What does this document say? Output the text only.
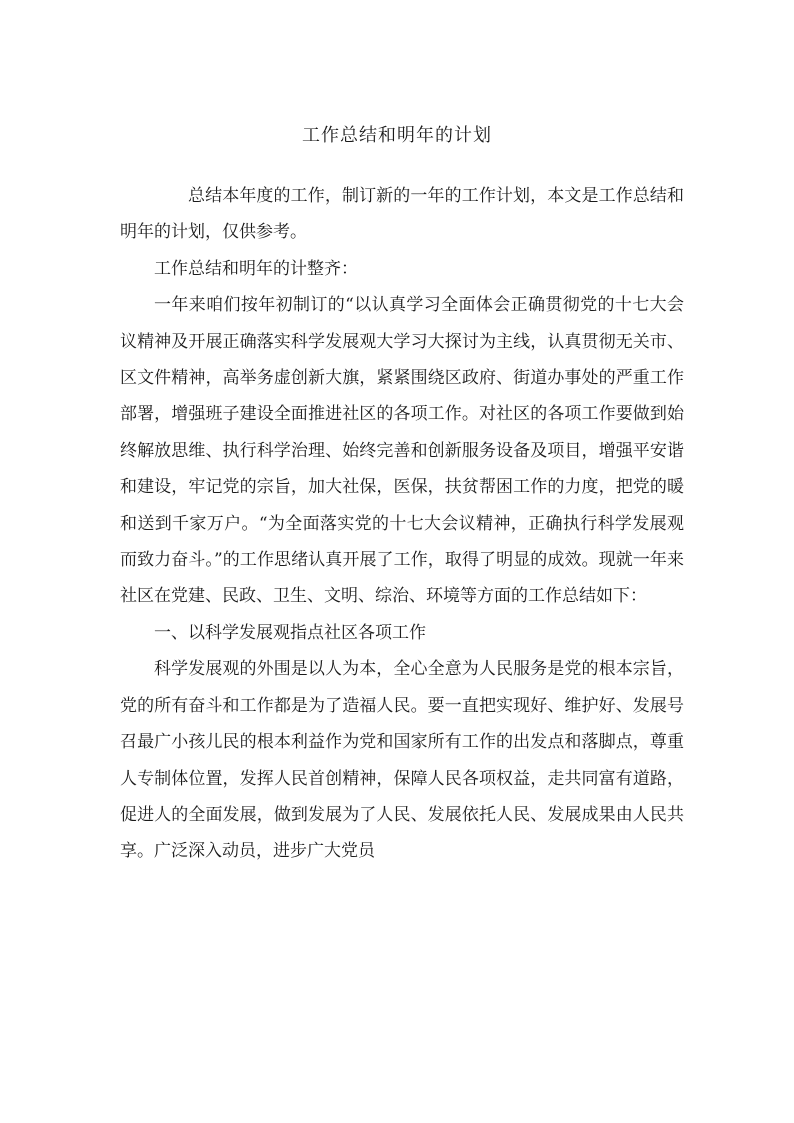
工作总结和明年的计划

总结本年度的工作，制订新的一年的工作计划，本文是工作总结和明年的计划，仅供参考。

工作总结和明年的计整齐：

一年来咱们按年初制订的“以认真学习全面体会正确贯彻党的十七大会议精神及开展正确落实科学发展观大学习大探讨为主线，认真贯彻无关市、区文件精神，高举务虚创新大旗，紧紧围绕区政府、街道办事处的严重工作部署，增强班子建设全面推进社区的各项工作。对社区的各项工作要做到始终解放思维、执行科学治理、始终完善和创新服务设备及项目，增强平安谐和建设，牢记党的宗旨，加大社保，医保，扶贫帮困工作的力度，把党的暖和送到千家万户。“为全面落实党的十七大会议精神，正确执行科学发展观而致力奋斗。”的工作思绪认真开展了工作，取得了明显的成效。现就一年来社区在党建、民政、卫生、文明、综治、环境等方面的工作总结如下：

一、以科学发展观指点社区各项工作

科学发展观的外围是以人为本，全心全意为人民服务是党的根本宗旨，党的所有奋斗和工作都是为了造福人民。要一直把实现好、维护好、发展号召最广小孩儿民的根本利益作为党和国家所有工作的出发点和落脚点，尊重人专制体位置，发挥人民首创精神，保障人民各项权益，走共同富有道路，促进人的全面发展，做到发展为了人民、发展依托人民、发展成果由人民共享。广泛深入动员，进步广大党员
